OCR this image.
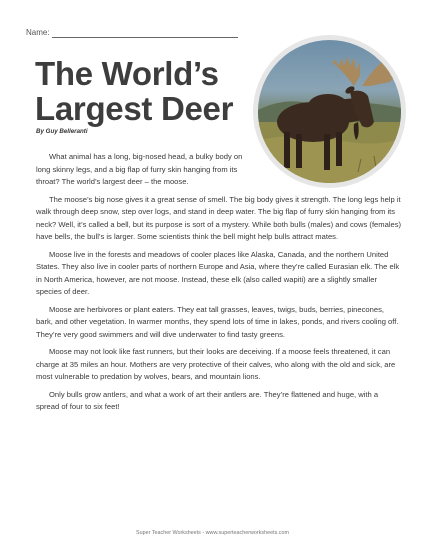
Name:
The World’s
Largest Deer
By Guy Belleranti

What animal has a long, big-nosed head, a bulky body on long skinny legs, and a big flap of furry skin hanging from its throat? The world’s largest deer – the moose.

The moose’s big nose gives it a great sense of smell. The big body gives it strength. The long legs help it walk through deep snow, step over logs, and stand in deep water. The big flap of furry skin hanging from its neck? Well, it’s called a bell, but its purpose is sort of a mystery. While both bulls (males) and cows (females) have bells, the bull’s is larger. Some scientists think the bell might help bulls attract mates.

Moose live in the forests and meadows of cooler places like Alaska, Canada, and the northern United States. They also live in cooler parts of northern Europe and Asia, where they’re called Eurasian elk. The elk in North America, however, are not moose. Instead, these elk (also called wapiti) are a slightly smaller species of deer.

Moose are herbivores or plant eaters. They eat tall grasses, leaves, twigs, buds, berries, pinecones, bark, and other vegetation. In warmer months, they spend lots of time in lakes, ponds, and rivers cooling off. They’re very good swimmers and will dive underwater to find tasty greens.

Moose may not look like fast runners, but their looks are deceiving. If a moose feels threatened, it can charge at 35 miles an hour. Mothers are very protective of their calves, who along with the old and sick, are most vulnerable to predation by wolves, bears, and mountain lions.

Only bulls grow antlers, and what a work of art their antlers are. They’re flattened and huge, with a spread of four to six feet!

Super Teacher Worksheets - www.superteacherworksheets.com
